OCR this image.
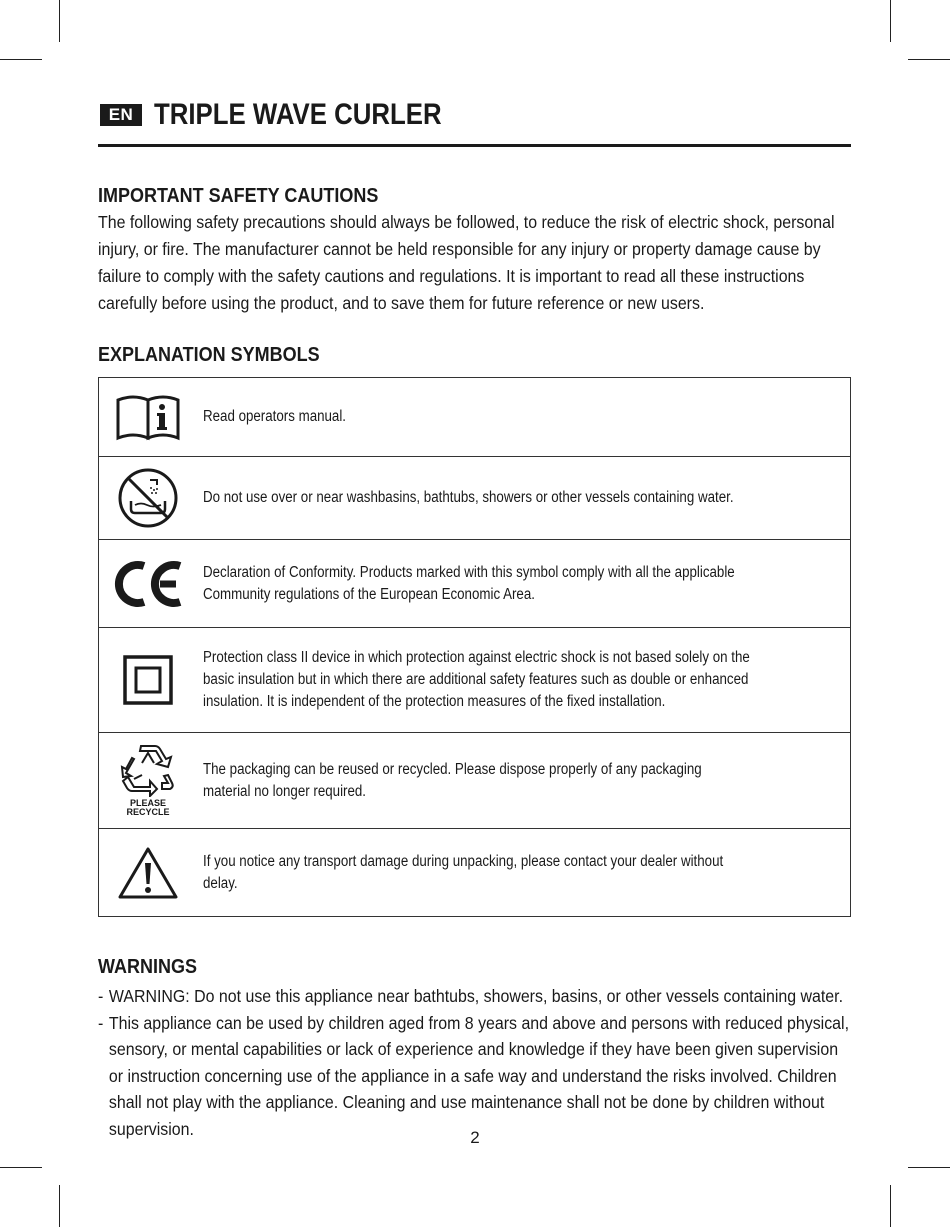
EN TRIPLE WAVE CURLER
IMPORTANT SAFETY CAUTIONS
The following safety precautions should always be followed, to reduce the risk of electric shock, personal injury, or fire. The manufacturer cannot be held responsible for any injury or property damage cause by failure to comply with the safety cautions and regulations. It is important to read all these instructions carefully before using the product, and to save them for future reference or new users.
EXPLANATION SYMBOLS
Read operators manual.
Do not use over or near washbasins, bathtubs, showers or other vessels containing water.
Declaration of Conformity. Products marked with this symbol comply with all the applicable Community regulations of the European Economic Area.
Protection class II device in which protection against electric shock is not based solely on the basic insulation but in which there are additional safety features such as double or enhanced insulation. It is independent of the protection measures of the fixed installation.
PLEASE
RECYCLE
The packaging can be reused or recycled. Please dispose properly of any packaging material no longer required.
If you notice any transport damage during unpacking, please contact your dealer without delay.
WARNINGS
- WARNING: Do not use this appliance near bathtubs, showers, basins, or other vessels containing water.
- This appliance can be used by children aged from 8 years and above and persons with reduced physical, sensory, or mental capabilities or lack of experience and knowledge if they have been given supervision or instruction concerning use of the appliance in a safe way and understand the risks involved. Children shall not play with the appliance. Cleaning and use maintenance shall not be done by children without supervision.	2
